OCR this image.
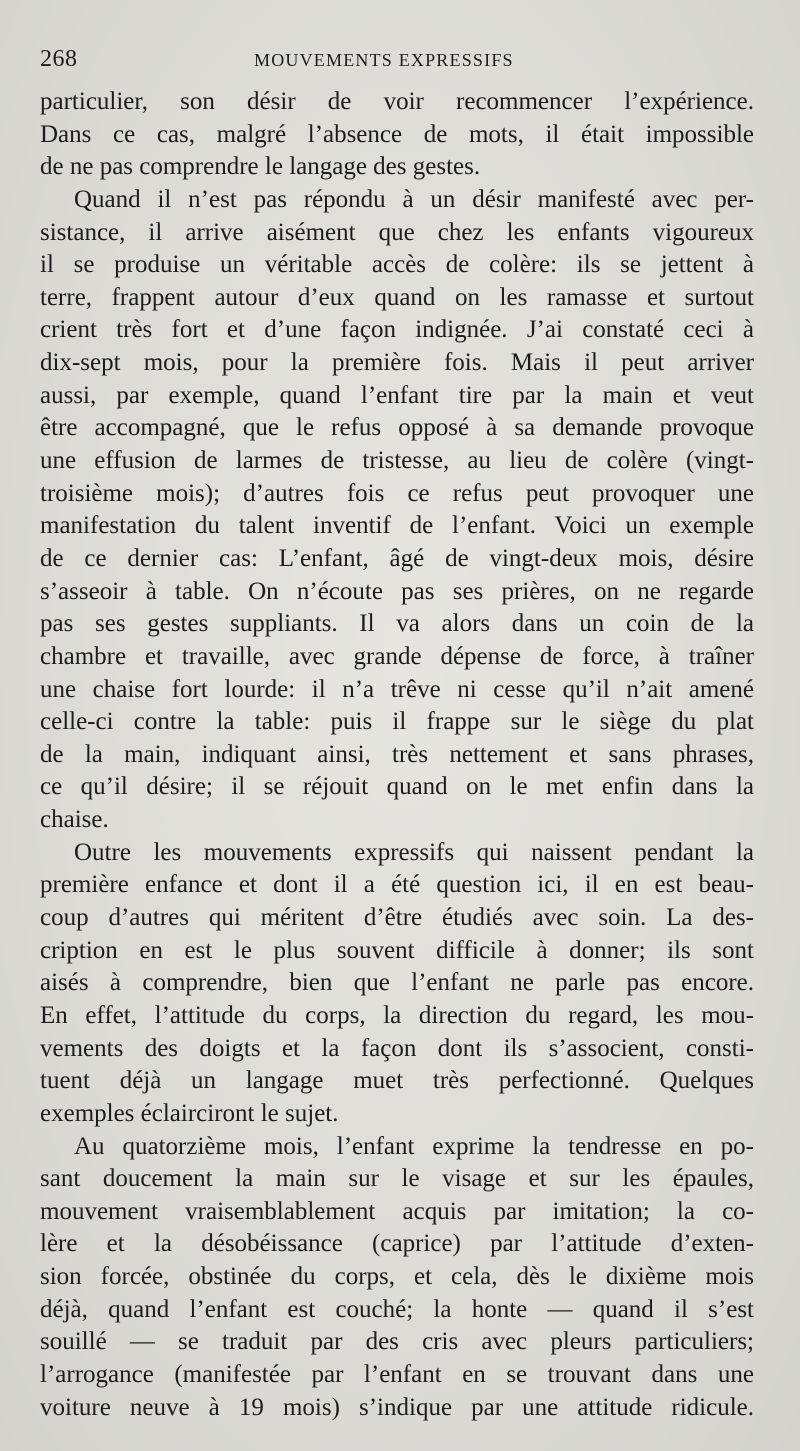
268	MOUVEMENTS EXPRESSIFS
particulier, son désir de voir recommencer l’expérience.
Dans ce cas, malgré l’absence de mots, il était impossible
de ne pas comprendre le langage des gestes.
Quand il n’est pas répondu à un désir manifesté avec per-
sistance, il arrive aisément que chez les enfants vigoureux
il se produise un véritable accès de colère: ils se jettent à
terre, frappent autour d’eux quand on les ramasse et surtout
crient très fort et d’une façon indignée. J’ai constaté ceci à
dix-sept mois, pour la première fois. Mais il peut arriver
aussi, par exemple, quand l’enfant tire par la main et veut
être accompagné, que le refus opposé à sa demande provoque
une effusion de larmes de tristesse, au lieu de colère (vingt-
troisième mois); d’autres fois ce refus peut provoquer une
manifestation du talent inventif de l’enfant. Voici un exemple
de ce dernier cas: L’enfant, âgé de vingt-deux mois, désire
s’asseoir à table. On n’écoute pas ses prières, on ne regarde
pas ses gestes suppliants. Il va alors dans un coin de la
chambre et travaille, avec grande dépense de force, à traîner
une chaise fort lourde: il n’a trêve ni cesse qu’il n’ait amené
celle-ci contre la table: puis il frappe sur le siège du plat
de la main, indiquant ainsi, très nettement et sans phrases,
ce qu’il désire; il se réjouit quand on le met enfin dans la
chaise.
Outre les mouvements expressifs qui naissent pendant la
première enfance et dont il a été question ici, il en est beau-
coup d’autres qui méritent d’être étudiés avec soin. La des-
cription en est le plus souvent difficile à donner; ils sont
aisés à comprendre, bien que l’enfant ne parle pas encore.
En effet, l’attitude du corps, la direction du regard, les mou-
vements des doigts et la façon dont ils s’associent, consti-
tuent déjà un langage muet très perfectionné. Quelques
exemples éclairciront le sujet.
Au quatorzième mois, l’enfant exprime la tendresse en po-
sant doucement la main sur le visage et sur les épaules,
mouvement vraisemblablement acquis par imitation; la co-
lère et la désobéissance (caprice) par l’attitude d’exten-
sion forcée, obstinée du corps, et cela, dès le dixième mois
déjà, quand l’enfant est couché; la honte — quand il s’est
souillé — se traduit par des cris avec pleurs particuliers;
l’arrogance (manifestée par l’enfant en se trouvant dans une
voiture neuve à 19 mois) s’indique par une attitude ridicule.
